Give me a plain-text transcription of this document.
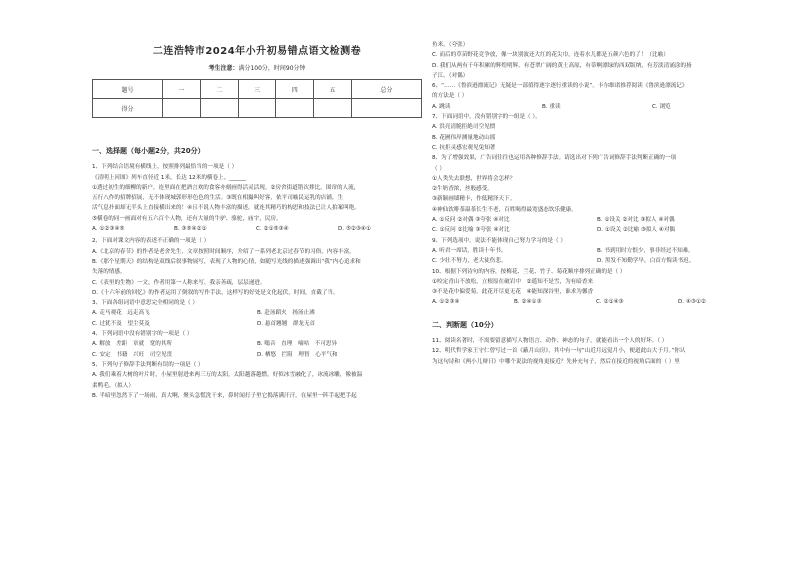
二连浩特市2024年小升初易错点语文检测卷
考生注意：满分100分，时间90分钟
题号	一	二	三	四	五	总分
得分						
一、选择题（每小题2分，共20分）
1、下列结合语境有横线上，按照排列最恰当的一项是（ ）
《清明上河图》列车直径近 1米，长达 12米的横卷上。______
①透过初生的细柳的新户，连里面在把酒言欢的食客亦刻画得活灵活现。②房舍街道错次排比，围帘的人流，
五行八作的招牌招展，无不体现城郭形形色色的生活。③既在相撮叫好客，依平司喻民运乳的店铺，生
活气息扑面却无半头上直接横出来的！④且不说人物丰富的描述，就连其精巧的构思和技法已让人拍案叫绝。
⑤横卷的同一画面对有五六百个人物，还有大量的牛驴、骆驼，庙宇，民房。
A. ①②③④⑤	B. ③⑤④②①	C. ②①⑤③④	D. ⑤②③④①
2、下面对课文内容的表述不正确的一项是（ ）
A.《北京的春节》的作者是老舍先生，文章按照时间顺序，介绍了一系列老北京过春节的习俗，内容丰富。
B.《那个星期天》的结构是双线后叙事物展写，表现了人物的心情，如随写光线的描述强调出“我”内心追求和
失落的情感。
C.《表里的生物》一文，作者用第一人称来写，我亲善疏，层层递进。
D.《十六年前的回忆》的作者运用了倒叙的写作手法，这样写的好处是文化起伏，时间，直截了当。
3、下面各组词语中意思完全相同的是（ ）
A. 走马观花　远走高飞	B. 赴汤蹈火　扬汤止沸
C. 过犹不及　望尘莫及	D. 悬首翘翘　群龙无首
4、下列词语中没有错别字的一项是（ ）
A. 解放　差距　章就　宽的其所	B. 嗡音　直理　嘀咕　不可思异
C. 安定　书籍　兴旺　司空见贯	D. 栖悠　拦阻　理智　心平气和
5、下列句子修辞手法判断有误的一项是（ ）
A. 我们乘着大树的叶片时，小屋里射进来两三万的太阳。太阳越落越燃，好似冰雪融化了，冰流冰雕，像被温
柔鸭毛。（拟人）
B. 半暗里忽然下了一场雨，真大啊，聚头急慌洗干来，鼻时闻打子里它捣落满汗汗，在屋里一阵手起把手起
鱼米。（夸张）
C. 而后的草苗野花竞争放，像一块别波还大红的花尖巾，连着水儿都是五颜六色的了！（比喻）
D. 我们从两有千年积累的辉煌明辉，有苍翠广阔的黄土高原，有蒂啊漂绿的西双版纳，有芳淡清涌涂的扬
子江。（对偶）
6、“……《鲁滨逊漂流记》无疑是一部值得逐字逐行重读的小说”。卡尔维诺推荐阅读《鲁滨逊漂流记》
的方法是（ ）
A. 跳读	B. 重读	C. 浏览
7、下面词语中，没有错别字的一组是（ ）。
A. 洪亮清脆拒絶司空见惯
B. 花圃伟岸测量地动山摇
C. 抗拒灵感宏观见兔知著
8、为了增强效果，广告词往往也运用各种修辞手法。请选出对下列广告词修辞手法判断正确的一项
（ ）
①人类失去联想，世界将会怎样？
②牛奶香浓，丝般感受。
③新颖画墙精卡，作低精泽天下。
④神仙饮啡茶温茶长生不老，百姓喝得最宽盛态饮乐健康。
A. ①反问 ②对偶 ③夸张 ④对比	B. ①设关 ②对比 ③拟人 ④对偶
C. ①反问 ②比喻 ③夸张 ④对比	D. ①设关 ②比喻 ③拟人 ④对偶
9、下列选项中，说法不能体现自己努力学习的是（ ）
A. 听君一席话，胜读十年书。	B. 书到用时方恨少，事非经过不知难。
C. 少壮不努力，老大徒伤悲。	D. 黑发不知勤学早，白首方悔读书迟。
10、根据下列诗句的内容，按梅花、兰花、竹子、菊花顺序排列正确的是（ ）
①咬定青山不放松，立根原在破岩中　②遥知不是雪，为有暗香来
③不是花中偏爱菊，此花开尽更无花　④能知深谷里，谁求为馨香
A. ①②③④	B. ②④①③	C. ②①④③	D. ④③①②
二、判断题（10分）
11、阅读名著时，不需要留意描写人物语言、动作、神态的句子，就能看出一个人的好坏。（ ）
12、明代哲学家王守仁曾写过一首《蔽月山房》，其中有一句“山近月远觉月小，便道此山大于月。”你认
为这句诗和《两小儿辩日》中哪个说法的视角更接近？先补充句子，然后在接近的视角后面的（ ）里
